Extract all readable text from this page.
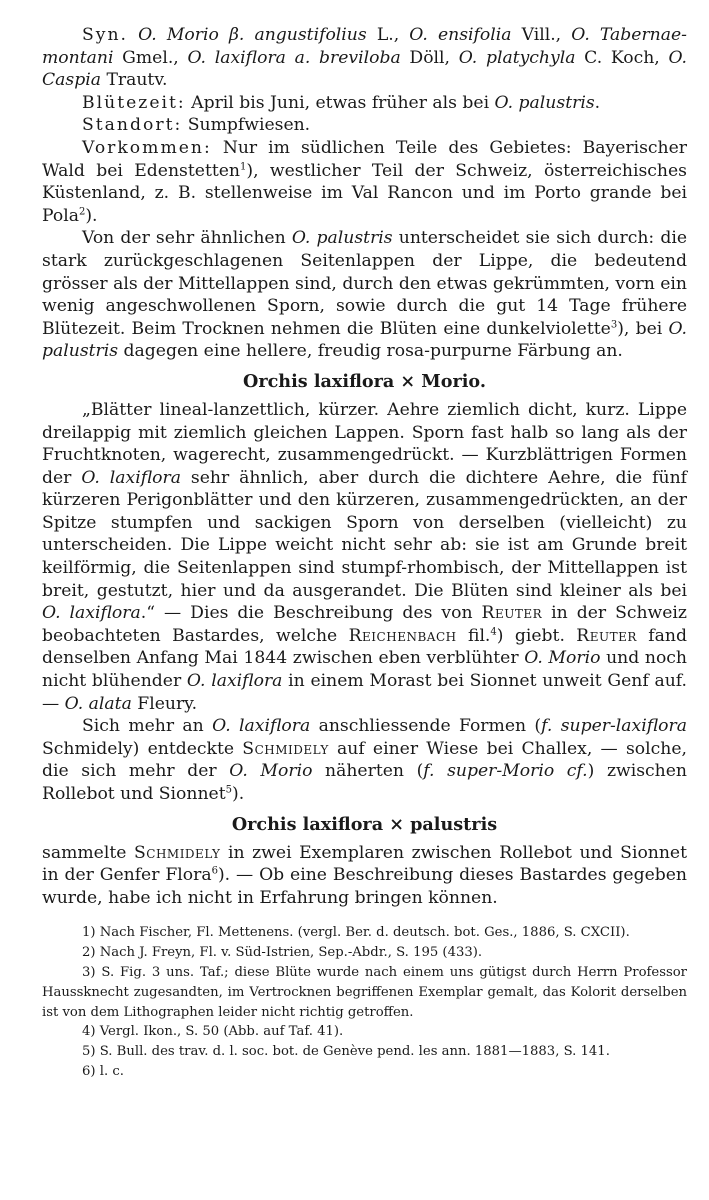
Syn. O. Morio β. angustifolius L., O. ensifolia Vill., O. Tabernae-montani Gmel., O. laxiflora a. breviloba Döll, O. platychyla C. Koch, O. Caspia Trautv.

Blütezeit: April bis Juni, etwas früher als bei O. palustris.

Standort: Sumpfwiesen.

Vorkommen: Nur im südlichen Teile des Gebietes: Bayerischer Wald bei Edenstetten$^1$), westlicher Teil der Schweiz, österreichisches Küstenland, z. B. stellenweise im Val Rancon und im Porto grande bei Pola$^2$).

Von der sehr ähnlichen O. palustris unterscheidet sie sich durch: die stark zurückgeschlagenen Seitenlappen der Lippe, die bedeutend grösser als der Mittellappen sind, durch den etwas gekrümmten, vorn ein wenig angeschwollenen Sporn, sowie durch die gut 14 Tage frühere Blütezeit. Beim Trocknen nehmen die Blüten eine dunkelviolette$^3$), bei O. palustris dagegen eine hellere, freudig rosa-purpurne Färbung an.

Orchis laxiflora × Morio.

„Blätter lineal-lanzettlich, kürzer. Aehre ziemlich dicht, kurz. Lippe dreilappig mit ziemlich gleichen Lappen. Sporn fast halb so lang als der Fruchtknoten, wagerecht, zusammengedrückt. — Kurzblättrigen Formen der O. laxiflora sehr ähnlich, aber durch die dichtere Aehre, die fünf kürzeren Perigonblätter und den kürzeren, zusammengedrückten, an der Spitze stumpfen und sackigen Sporn von derselben (vielleicht) zu unterscheiden. Die Lippe weicht nicht sehr ab: sie ist am Grunde breit keilförmig, die Seitenlappen sind stumpf-rhombisch, der Mittellappen ist breit, gestutzt, hier und da ausgerandet. Die Blüten sind kleiner als bei O. laxiflora.“ — Dies die Beschreibung des von Reuter in der Schweiz beobachteten Bastardes, welche Reichenbach fil.$^4$) giebt. Reuter fand denselben Anfang Mai 1844 zwischen eben verblühter O. Morio und noch nicht blühender O. laxiflora in einem Morast bei Sionnet unweit Genf auf. — O. alata Fleury.

Sich mehr an O. laxiflora anschliessende Formen (f. super-laxiflora Schmidely) entdeckte Schmidely auf einer Wiese bei Challex, — solche, die sich mehr der O. Morio näherten (f. super-Morio cf.) zwischen Rollebot und Sionnet$^5$).

Orchis laxiflora × palustris

sammelte Schmidely in zwei Exemplaren zwischen Rollebot und Sionnet in der Genfer Flora$^6$). — Ob eine Beschreibung dieses Bastardes gegeben wurde, habe ich nicht in Erfahrung bringen können.

1) Nach Fischer, Fl. Mettenens. (vergl. Ber. d. deutsch. bot. Ges., 1886, S. CXCII).

2) Nach J. Freyn, Fl. v. Süd-Istrien, Sep.-Abdr., S. 195 (433).

3) S. Fig. 3 uns. Taf.; diese Blüte wurde nach einem uns gütigst durch Herrn Professor Haussknecht zugesandten, im Vertrocknen begriffenen Exemplar gemalt, das Kolorit derselben ist von dem Lithographen leider nicht richtig getroffen.

4) Vergl. Ikon., S. 50 (Abb. auf Taf. 41).

5) S. Bull. des trav. d. l. soc. bot. de Genève pend. les ann. 1881—1883, S. 141.

6) l. c.
